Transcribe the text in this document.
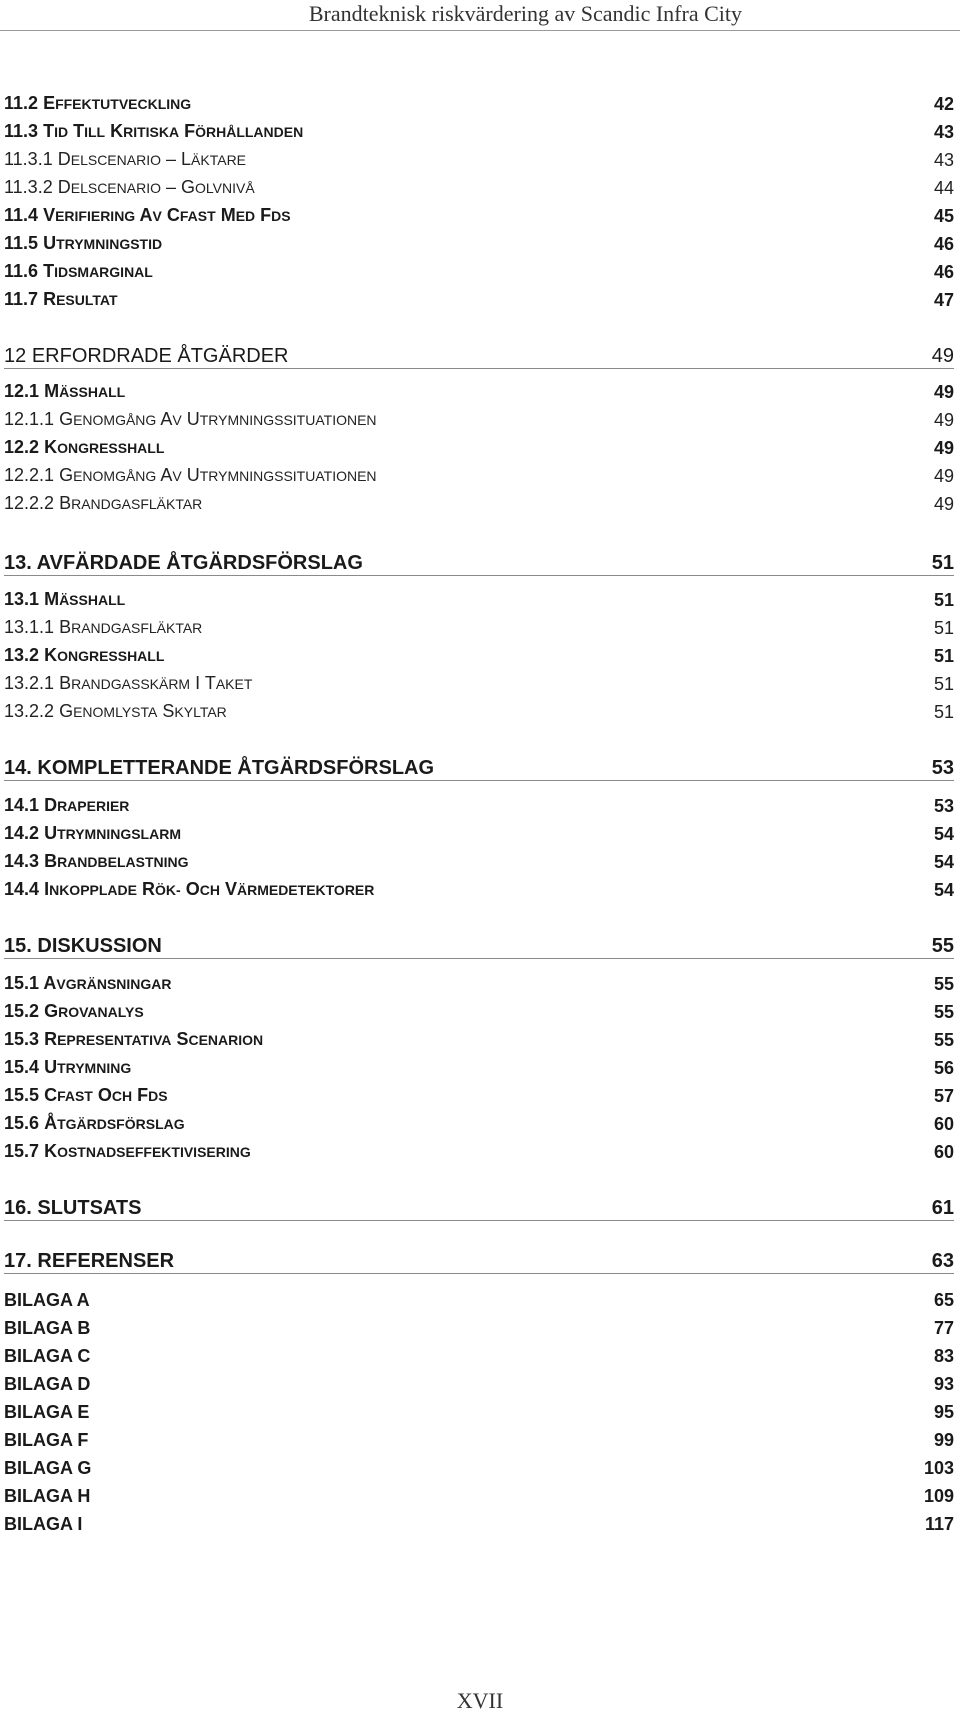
Brandteknisk riskvärdering av Scandic Infra City
11.2 EFFEKTUTVECKLING	42
11.3 TID TILL KRITISKA FÖRHÅLLANDEN	43
11.3.1 DELSCENARIO – LÄKTARE	43
11.3.2 DELSCENARIO – GOLVNIVÅ	44
11.4 VERIFIERING AV CFAST MED FDS	45
11.5 UTRYMNINGSTID	46
11.6 TIDSMARGINAL	46
11.7 RESULTAT	47
12 ERFORDRADE ÅTGÄRDER	49
12.1 MÄSSHALL	49
12.1.1 GENOMGÅNG AV UTRYMNINGSSITUATIONEN	49
12.2 KONGRESSHALL	49
12.2.1 GENOMGÅNG AV UTRYMNINGSSITUATIONEN	49
12.2.2 BRANDGASFLÄKTAR	49
13. AVFÄRDADE ÅTGÄRDSFÖRSLAG	51
13.1 MÄSSHALL	51
13.1.1 BRANDGASFLÄKTAR	51
13.2 KONGRESSHALL	51
13.2.1 BRANDGASSKÄRM I TAKET	51
13.2.2 GENOMLYSTA SKYLTAR	51
14. KOMPLETTERANDE ÅTGÄRDSFÖRSLAG	53
14.1 DRAPERIER	53
14.2 UTRYMNINGSLARM	54
14.3 BRANDBELASTNING	54
14.4 INKOPPLADE RÖK- OCH VÄRMEDETEKTORER	54
15. DISKUSSION	55
15.1 AVGRÄNSNINGAR	55
15.2 GROVANALYS	55
15.3 REPRESENTATIVA SCENARION	55
15.4 UTRYMNING	56
15.5 CFAST OCH FDS	57
15.6 ÅTGÄRDSFÖRSLAG	60
15.7 KOSTNADSEFFEKTIVISERING	60
16. SLUTSATS	61
17. REFERENSER	63
BILAGA A	65
BILAGA B	77
BILAGA C	83
BILAGA D	93
BILAGA E	95
BILAGA F	99
BILAGA G	103
BILAGA H	109
BILAGA I	117
XVII
